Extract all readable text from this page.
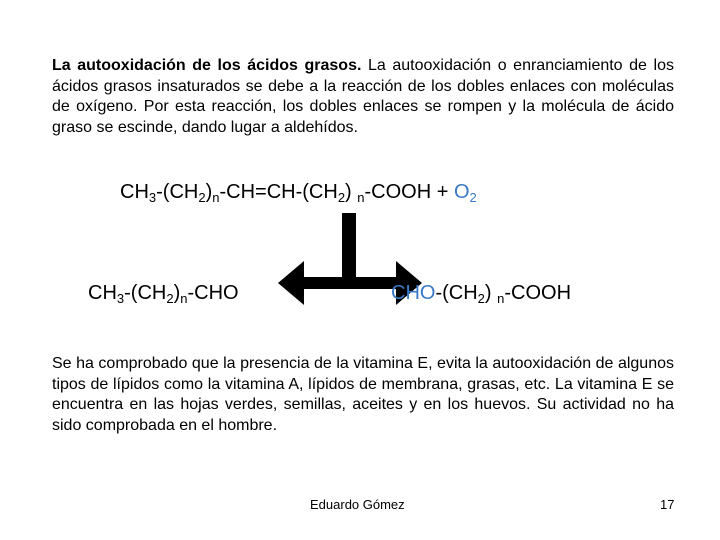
La autooxidación de los ácidos grasos. La autooxidación o enranciamiento de los ácidos grasos insaturados se debe a la reacción de los dobles enlaces con moléculas de oxígeno. Por esta reacción, los dobles enlaces se rompen y la molécula de ácido graso se escinde, dando lugar a aldehídos.

$CH_3-(CH_2)_n-CH=CH-(CH_2)$ $_n$-COOH + $O_2$
$CH_3-(CH_2)_n$-CHO	CHO-$(CH_2)$ $_n$-COOH

Se ha comprobado que la presencia de la vitamina E, evita la autooxidación de algunos tipos de lípidos como la vitamina A, lípidos de membrana, grasas, etc. La vitamina E se encuentra en las hojas verdes, semillas, aceites y en los huevos. Su actividad no ha sido comprobada en el hombre.

Eduardo Gómez	17
